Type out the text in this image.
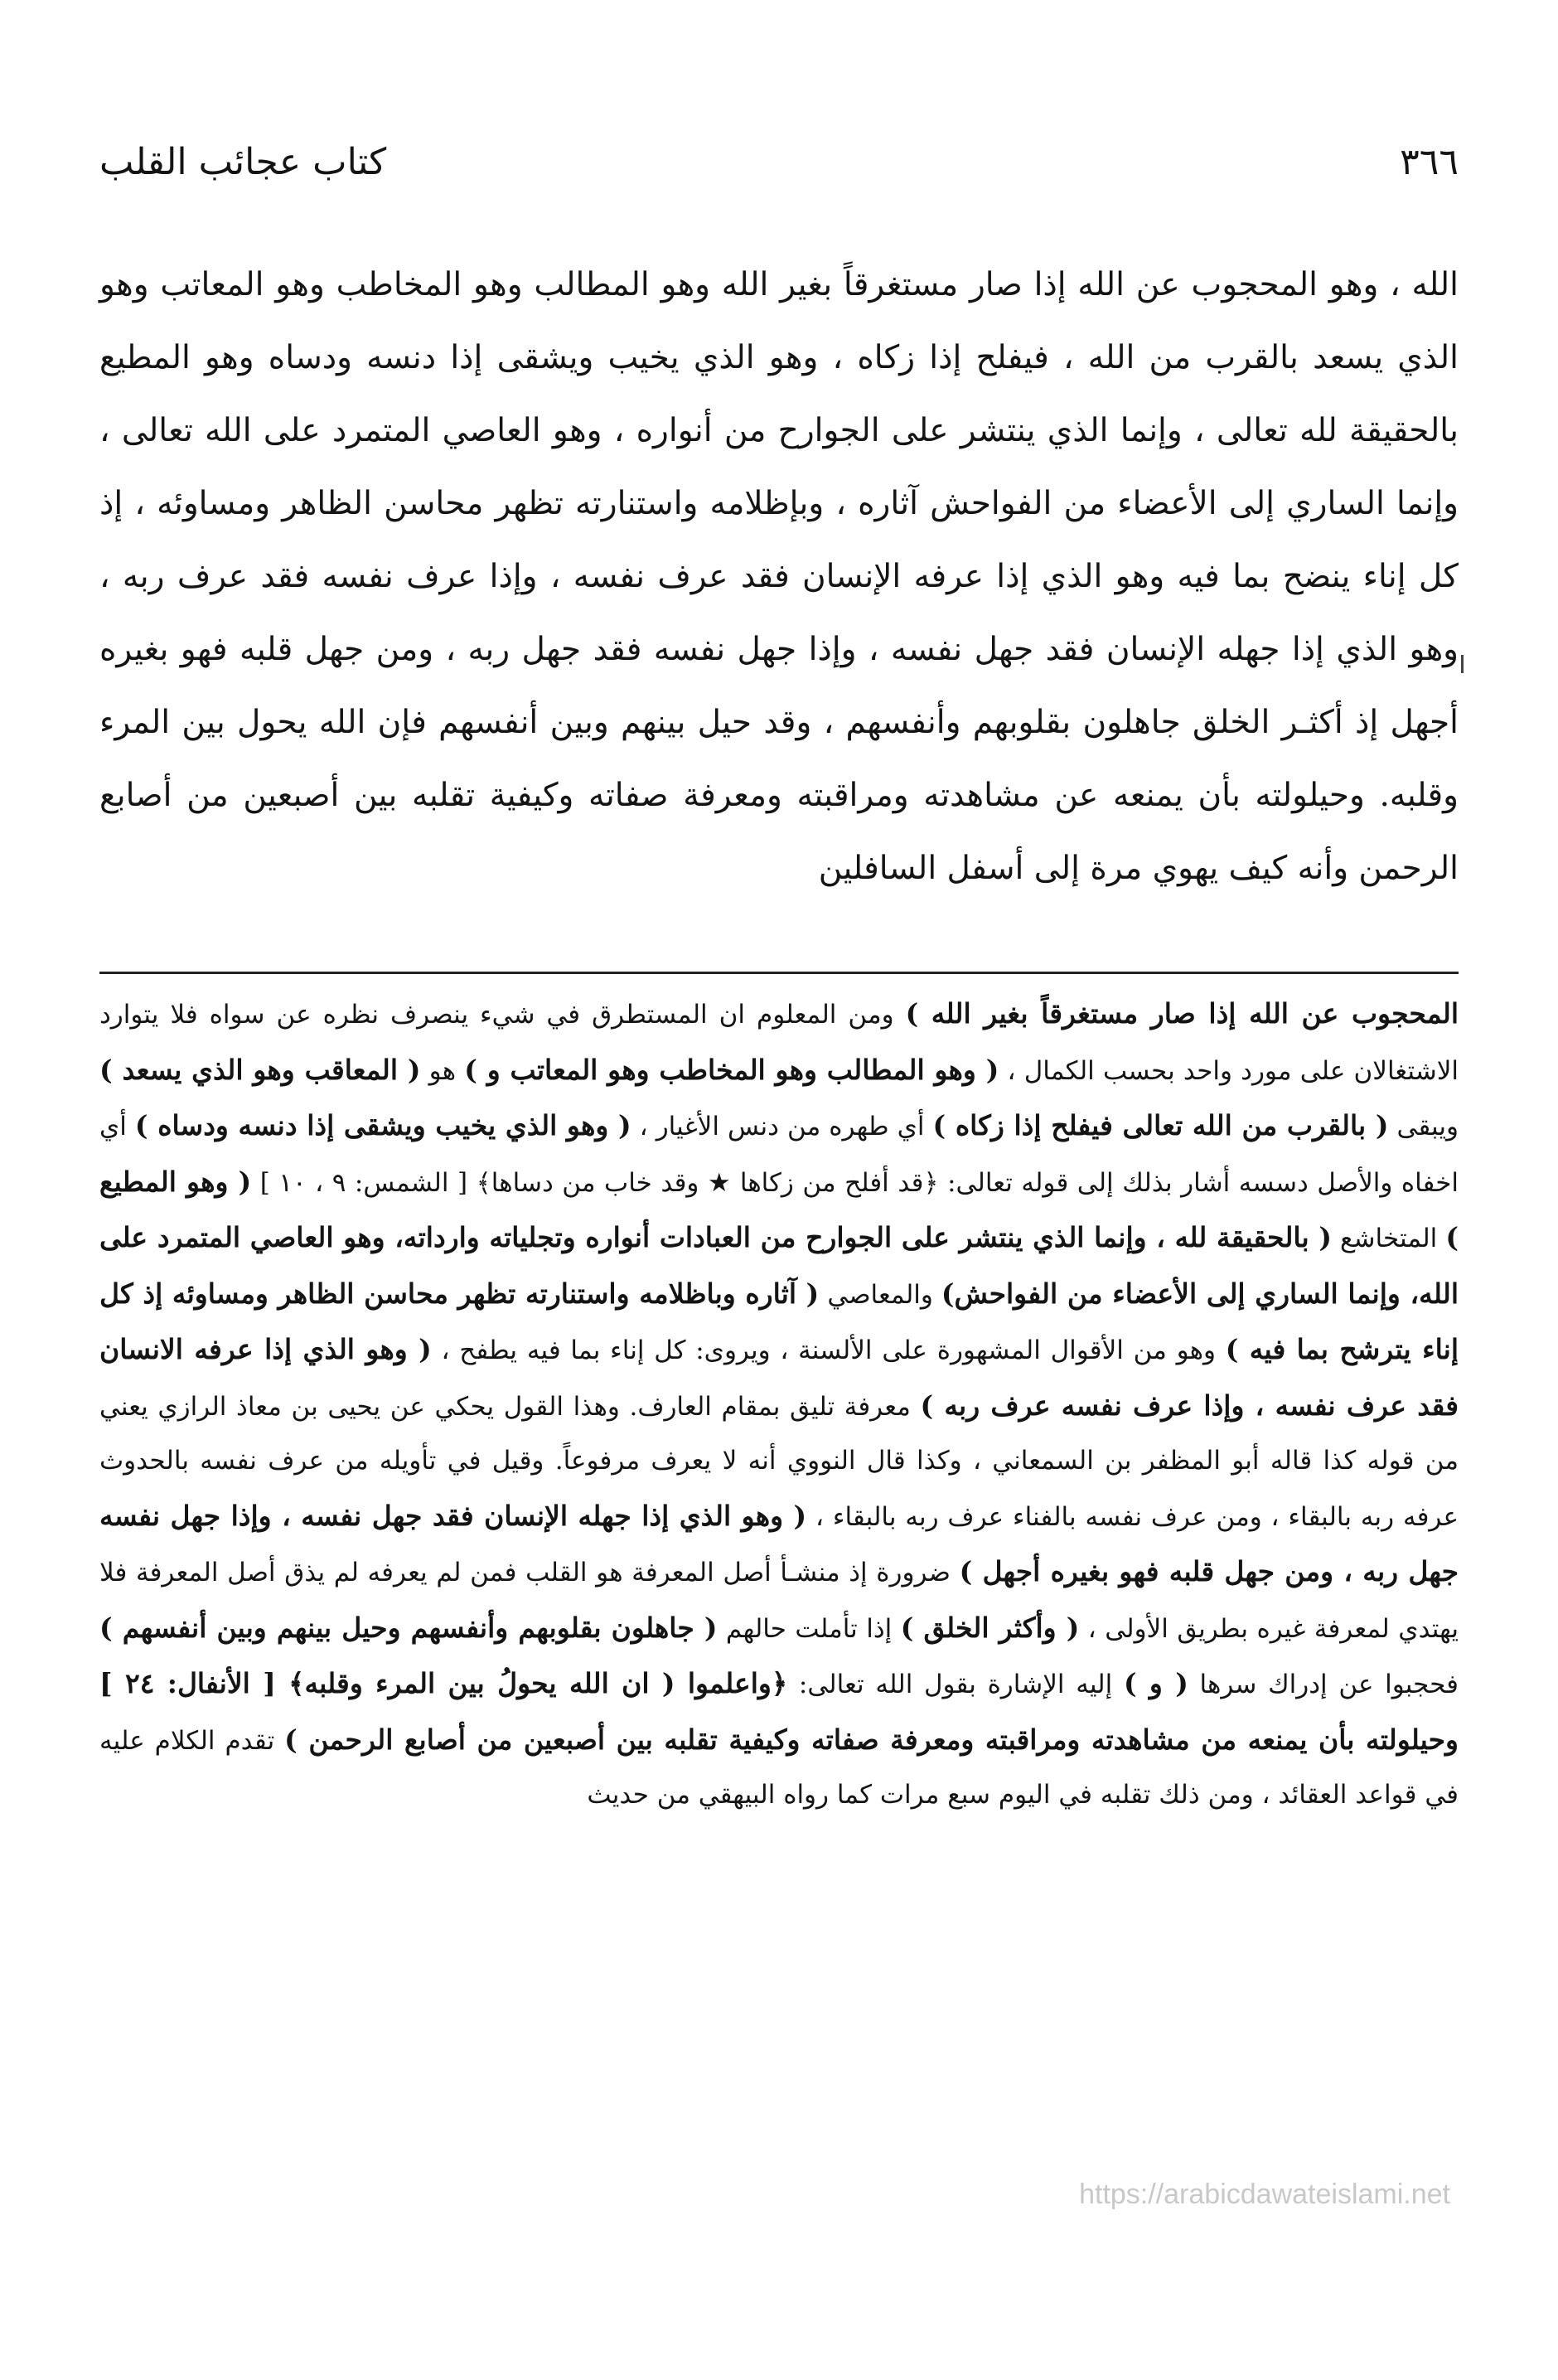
٣٦٦
كتاب عجائب القلب

الله ، وهو المحجوب عن الله إذا صار مستغرقاً بغير الله وهو المطالب وهو المخاطب وهو المعاتب وهو الذي يسعد بالقرب من الله ، فيفلح إذا زكاه ، وهو الذي يخيب ويشقى إذا دنسه ودساه وهو المطيع بالحقيقة لله تعالى ، وإنما الذي ينتشر على الجوارح من أنواره ، وهو العاصي المتمرد على الله تعالى ، وإنما الساري إلى الأعضاء من الفواحش آثاره ، وبإظلامه واستنارته تظهر محاسن الظاهر ومساوئه ، إذ كل إناء ينضح بما فيه وهو الذي إذا عرفه الإنسان فقد عرف نفسه ، وإذا عرف نفسه فقد عرف ربه ، وهو الذي إذا جهله الإنسان فقد جهل نفسه ، وإذا جهل نفسه فقد جهل ربه ، ومن جهل قلبه فهو بغيره أجهل إذ أكثـر الخلق جاهلون بقلوبهم وأنفسهم ، وقد حيل بينهم وبين أنفسهم فإن الله يحول بين المرء وقلبه. وحيلولته بأن يمنعه عن مشاهدته ومراقبته ومعرفة صفاته وكيفية تقلبه بين أصبعين من أصابع الرحمن وأنه كيف يهوي مرة إلى أسفل السافلين

المحجوب عن الله إذا صار مستغرقاً بغير الله ) ومن المعلوم ان المستطرق في شيء ينصرف نظره عن سواه فلا يتوارد الاشتغالان على مورد واحد بحسب الكمال ، ( وهو المطالب وهو المخاطب وهو المعاتب و ) هو ( المعاقب وهو الذي يسعد ) ويبقى ( بالقرب من الله تعالى فيفلح إذا زكاه ) أي طهره من دنس الأغيار ، ( وهو الذي يخيب ويشقى إذا دنسه ودساه ) أي اخفاه والأصل دسسه أشار بذلك إلى قوله تعالى: ﴿قد أفلح من زكاها ★ وقد خاب من دساها﴾ [ الشمس: ٩ ، ١٠ ] ( وهو المطيع ) المتخاشع ( بالحقيقة لله ، وإنما الذي ينتشر على الجوارح من العبادات أنواره وتجلياته وارداته، وهو العاصي المتمرد على الله، وإنما الساري إلى الأعضاء من الفواحش) والمعاصي ( آثاره وباظلامه واستنارته تظهر محاسن الظاهر ومساوئه إذ كل إناء يترشح بما فيه ) وهو من الأقوال المشهورة على الألسنة ، ويروى: كل إناء بما فيه يطفح ، ( وهو الذي إذا عرفه الانسان فقد عرف نفسه ، وإذا عرف نفسه عرف ربه ) معرفة تليق بمقام العارف. وهذا القول يحكي عن يحيى بن معاذ الرازي يعني من قوله كذا قاله أبو المظفر بن السمعاني ، وكذا قال النووي أنه لا يعرف مرفوعاً. وقيل في تأويله من عرف نفسه بالحدوث عرفه ربه بالبقاء ، ومن عرف نفسه بالفناء عرف ربه بالبقاء ، ( وهو الذي إذا جهله الإنسان فقد جهل نفسه ، وإذا جهل نفسه جهل ربه ، ومن جهل قلبه فهو بغيره أجهل ) ضرورة إذ منشـأ أصل المعرفة هو القلب فمن لم يعرفه لم يذق أصل المعرفة فلا يهتدي لمعرفة غيره بطريق الأولى ، ( وأكثر الخلق ) إذا تأملت حالهم ( جاهلون بقلوبهم وأنفسهم وحيل بينهم وبين أنفسهم ) فحجبوا عن إدراك سرها ( و ) إليه الإشارة بقول الله تعالى: ﴿واعلموا ( ان الله يحولُ بين المرء وقلبه﴾ [ الأنفال: ٢٤ ] وحيلولته بأن يمنعه من مشاهدته ومراقبته ومعرفة صفاته وكيفية تقلبه بين أصبعين من أصابع الرحمن ) تقدم الكلام عليه في قواعد العقائد ، ومن ذلك تقلبه في اليوم سبع مرات كما رواه البيهقي من حديث

https://arabicdawateislami.net
